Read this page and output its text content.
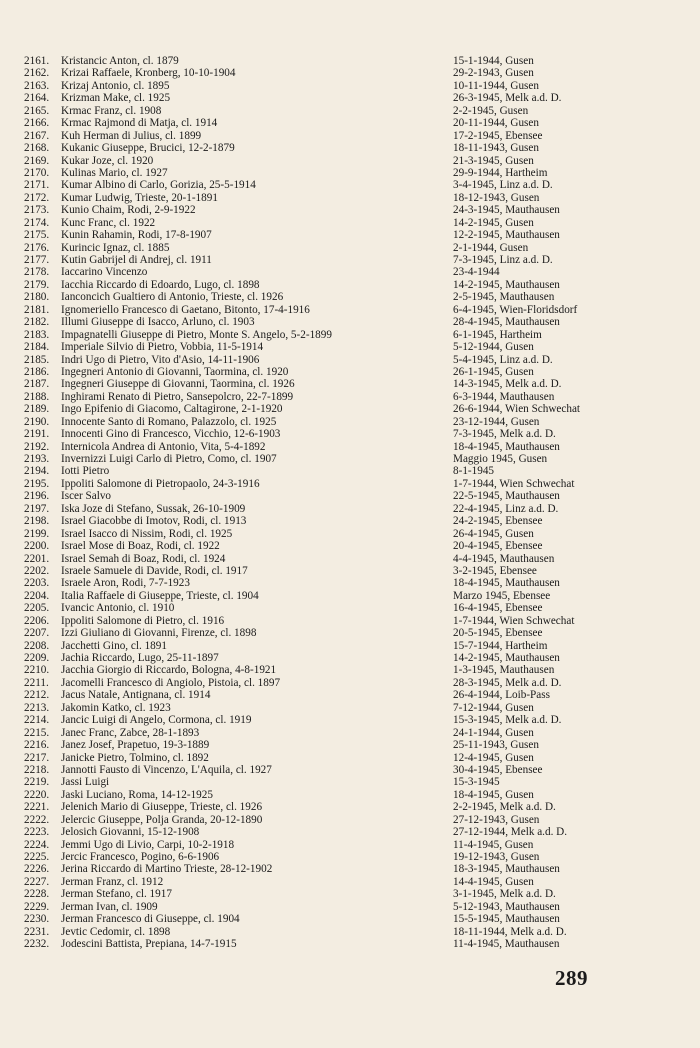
2161.	Kristancic Anton, cl. 1879	15-1-1944, Gusen
2162.	Krizai Raffaele, Kronberg, 10-10-1904	29-2-1943, Gusen
2163.	Krizaj Antonio, cl. 1895	10-11-1944, Gusen
2164.	Krizman Make, cl. 1925	26-3-1945, Melk a.d. D.
2165.	Krmac Franz, cl. 1908	2-2-1945, Gusen
2166.	Krmac Rajmond di Matja, cl. 1914	20-11-1944, Gusen
2167.	Kuh Herman di Julius, cl. 1899	17-2-1945, Ebensee
2168.	Kukanic Giuseppe, Brucici, 12-2-1879	18-11-1943, Gusen
2169.	Kukar Joze, cl. 1920	21-3-1945, Gusen
2170.	Kulinas Mario, cl. 1927	29-9-1944, Hartheim
2171.	Kumar Albino di Carlo, Gorizia, 25-5-1914	3-4-1945, Linz a.d. D.
2172.	Kumar Ludwig, Trieste, 20-1-1891	18-12-1943, Gusen
2173.	Kunio Chaim, Rodi, 2-9-1922	24-3-1945, Mauthausen
2174.	Kunc Franc, cl. 1922	14-2-1945, Gusen
2175.	Kunin Rahamin, Rodi, 17-8-1907	12-2-1945, Mauthausen
2176.	Kurincic Ignaz, cl. 1885	2-1-1944, Gusen
2177.	Kutin Gabrijel di Andrej, cl. 1911	7-3-1945, Linz a.d. D.
2178.	Iaccarino Vincenzo	23-4-1944
2179.	Iacchia Riccardo di Edoardo, Lugo, cl. 1898	14-2-1945, Mauthausen
2180.	Ianconcich Gualtiero di Antonio, Trieste, cl. 1926	2-5-1945, Mauthausen
2181.	Ignomeriello Francesco di Gaetano, Bitonto, 17-4-1916	6-4-1945, Wien-Floridsdorf
2182.	Illumi Giuseppe di Isacco, Arluno, cl. 1903	28-4-1945, Mauthausen
2183.	Impagnatelli Giuseppe di Pietro, Monte S. Angelo, 5-2-1899	6-1-1945, Hartheim
2184.	Imperiale Silvio di Pietro, Vobbia, 11-5-1914	5-12-1944, Gusen
2185.	Indri Ugo di Pietro, Vito d'Asio, 14-11-1906	5-4-1945, Linz a.d. D.
2186.	Ingegneri Antonio di Giovanni, Taormina, cl. 1920	26-1-1945, Gusen
2187.	Ingegneri Giuseppe di Giovanni, Taormina, cl. 1926	14-3-1945, Melk a.d. D.
2188.	Inghirami Renato di Pietro, Sansepolcro, 22-7-1899	6-3-1944, Mauthausen
2189.	Ingo Epifenio di Giacomo, Caltagirone, 2-1-1920	26-6-1944, Wien Schwechat
2190.	Innocente Santo di Romano, Palazzolo, cl. 1925	23-12-1944, Gusen
2191.	Innocenti Gino di Francesco, Vicchio, 12-6-1903	7-3-1945, Melk a.d. D.
2192.	Internicola Andrea di Antonio, Vita, 5-4-1892	18-4-1945, Mauthausen
2193.	Invernizzi Luigi Carlo di Pietro, Como, cl. 1907	Maggio 1945, Gusen
2194.	Iotti Pietro	8-1-1945
2195.	Ippoliti Salomone di Pietropaolo, 24-3-1916	1-7-1944, Wien Schwechat
2196.	Iscer Salvo	22-5-1945, Mauthausen
2197.	Iska Joze di Stefano, Sussak, 26-10-1909	22-4-1945, Linz a.d. D.
2198.	Israel Giacobbe di Imotov, Rodi, cl. 1913	24-2-1945, Ebensee
2199.	Israel Isacco di Nissim, Rodi, cl. 1925	26-4-1945, Gusen
2200.	Israel Mose di Boaz, Rodi, cl. 1922	20-4-1945, Ebensee
2201.	Israel Semah di Boaz, Rodi, cl. 1924	4-4-1945, Mauthausen
2202.	Israele Samuele di Davide, Rodi, cl. 1917	3-2-1945, Ebensee
2203.	Israele Aron, Rodi, 7-7-1923	18-4-1945, Mauthausen
2204.	Italia Raffaele di Giuseppe, Trieste, cl. 1904	Marzo 1945, Ebensee
2205.	Ivancic Antonio, cl. 1910	16-4-1945, Ebensee
2206.	Ippoliti Salomone di Pietro, cl. 1916	1-7-1944, Wien Schwechat
2207.	Izzi Giuliano di Giovanni, Firenze, cl. 1898	20-5-1945, Ebensee
2208.	Jacchetti Gino, cl. 1891	15-7-1944, Hartheim
2209.	Jachia Riccardo, Lugo, 25-11-1897	14-2-1945, Mauthausen
2210.	Jacchia Giorgio di Riccardo, Bologna, 4-8-1921	1-3-1945, Mauthausen
2211.	Jacomelli Francesco di Angiolo, Pistoia, cl. 1897	28-3-1945, Melk a.d. D.
2212.	Jacus Natale, Antignana, cl. 1914	26-4-1944, Loib-Pass
2213.	Jakomin Katko, cl. 1923	7-12-1944, Gusen
2214.	Jancic Luigi di Angelo, Cormona, cl. 1919	15-3-1945, Melk a.d. D.
2215.	Janec Franc, Zabce, 28-1-1893	24-1-1944, Gusen
2216.	Janez Josef, Prapetuo, 19-3-1889	25-11-1943, Gusen
2217.	Janicke Pietro, Tolmino, cl. 1892	12-4-1945, Gusen
2218.	Jannotti Fausto di Vincenzo, L'Aquila, cl. 1927	30-4-1945, Ebensee
2219.	Jassi Luigi	15-3-1945
2220.	Jaski Luciano, Roma, 14-12-1925	18-4-1945, Gusen
2221.	Jelenich Mario di Giuseppe, Trieste, cl. 1926	2-2-1945, Melk a.d. D.
2222.	Jelercic Giuseppe, Polja Granda, 20-12-1890	27-12-1943, Gusen
2223.	Jelosich Giovanni, 15-12-1908	27-12-1944, Melk a.d. D.
2224.	Jemmi Ugo di Livio, Carpi, 10-2-1918	11-4-1945, Gusen
2225.	Jercic Francesco, Pogino, 6-6-1906	19-12-1943, Gusen
2226.	Jerina Riccardo di Martino Trieste, 28-12-1902	18-3-1945, Mauthausen
2227.	Jerman Franz, cl. 1912	14-4-1945, Gusen
2228.	Jerman Stefano, cl. 1917	3-1-1945, Melk a.d. D.
2229.	Jerman Ivan, cl. 1909	5-12-1943, Mauthausen
2230.	Jerman Francesco di Giuseppe, cl. 1904	15-5-1945, Mauthausen
2231.	Jevtic Cedomir, cl. 1898	18-11-1944, Melk a.d. D.
2232.	Jodescini Battista, Prepiana, 14-7-1915	11-4-1945, Mauthausen
289
